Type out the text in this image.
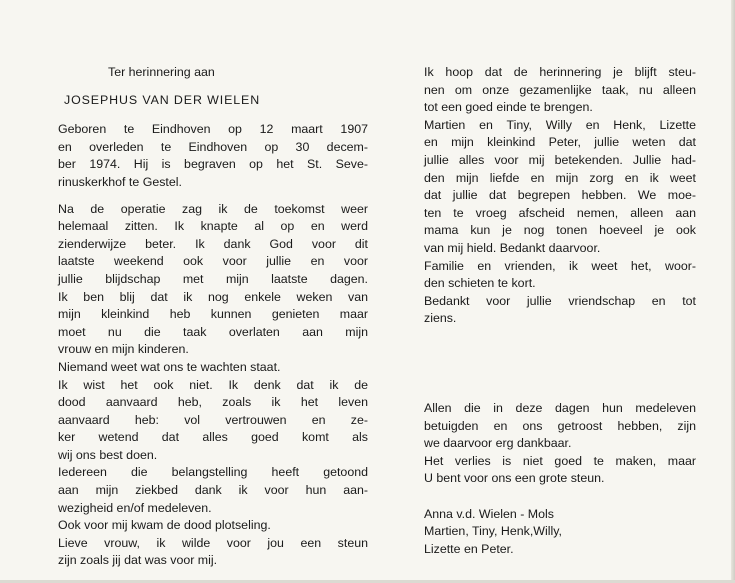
Ter herinnering aan
JOSEPHUS VAN DER WIELEN
Geboren te Eindhoven op 12 maart 1907
en overleden te Eindhoven op 30 decem-
ber 1974. Hij is begraven op het St. Seve-
rinuskerkhof te Gestel.
Na de operatie zag ik de toekomst weer
helemaal zitten. Ik knapte al op en werd
zienderwijze beter. Ik dank God voor dit
laatste weekend ook voor jullie en voor
jullie blijdschap met mijn laatste dagen.
Ik ben blij dat ik nog enkele weken van
mijn kleinkind heb kunnen genieten maar
moet nu die taak overlaten aan mijn
vrouw en mijn kinderen.
Niemand weet wat ons te wachten staat.
Ik wist het ook niet. Ik denk dat ik de
dood aanvaard heb, zoals ik het leven
aanvaard heb: vol vertrouwen en ze-
ker wetend dat alles goed komt als
wij ons best doen.
Iedereen die belangstelling heeft getoond
aan mijn ziekbed dank ik voor hun aan-
wezigheid en/of medeleven.
Ook voor mij kwam de dood plotseling.
Lieve vrouw, ik wilde voor jou een steun
zijn zoals jij dat was voor mij.
Ik hoop dat de herinnering je blijft steu-
nen om onze gezamenlijke taak, nu alleen
tot een goed einde te brengen.
Martien en Tiny, Willy en Henk, Lizette
en mijn kleinkind Peter, jullie weten dat
jullie alles voor mij betekenden. Jullie had-
den mijn liefde en mijn zorg en ik weet
dat jullie dat begrepen hebben. We moe-
ten te vroeg afscheid nemen, alleen aan
mama kun je nog tonen hoeveel je ook
van mij hield. Bedankt daarvoor.
Familie en vrienden, ik weet het, woor-
den schieten te kort.
Bedankt voor jullie vriendschap en tot
ziens.
Allen die in deze dagen hun medeleven
betuigden en ons getroost hebben, zijn
we daarvoor erg dankbaar.
Het verlies is niet goed te maken, maar
U bent voor ons een grote steun.
Anna v.d. Wielen - Mols
Martien, Tiny, Henk,Willy,
Lizette en Peter.
